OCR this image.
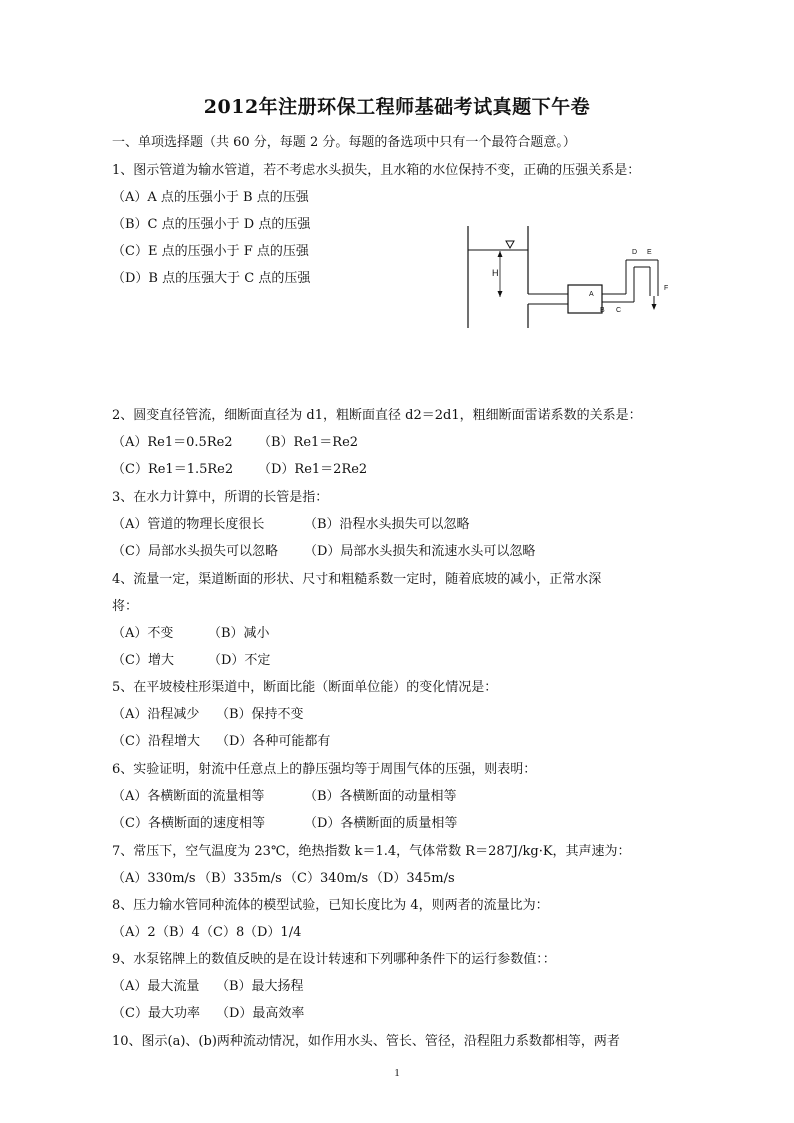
2012年注册环保工程师基础考试真题下午卷
一、单项选择题（共 60 分，每题 2 分。每题的备选项中只有一个最符合题意。）
1、图示管道为输水管道，若不考虑水头损失，且水箱的水位保持不变，正确的压强关系是：
（A）A 点的压强小于 B 点的压强
（B）C 点的压强小于 D 点的压强
（C）E 点的压强小于 F 点的压强
（D）B 点的压强大于 C 点的压强	H
A
B C
D E
F
2、圆变直径管流，细断面直径为 d1，粗断面直径 d2＝2d1，粗细断面雷诺系数的关系是：
（A）Re1＝0.5Re2 （B）Re1＝Re2
（C）Re1＝1.5Re2 （D）Re1＝2Re2
3、在水力计算中，所谓的长管是指：
（A）管道的物理长度很长	（B）沿程水头损失可以忽略
（C）局部水头损失可以忽略 （D）局部水头损失和流速水头可以忽略
4、流量一定，渠道断面的形状、尺寸和粗糙系数一定时，随着底坡的减小，正常水深
将：
（A）不变	（B）减小
（C）增大	（D）不定
5、在平坡棱柱形渠道中，断面比能（断面单位能）的变化情况是：
（A）沿程减少 （B）保持不变
（C）沿程增大 （D）各种可能都有
6、实验证明，射流中任意点上的静压强均等于周围气体的压强，则表明：
（A）各横断面的流量相等	（B）各横断面的动量相等
（C）各横断面的速度相等	（D）各横断面的质量相等
7、常压下，空气温度为 23℃，绝热指数 k＝1.4，气体常数 R＝287J/kg·K，其声速为：
（A）330m/s （B）335m/s （C）340m/s （D）345m/s
8、压力输水管同种流体的模型试验，已知长度比为 4，则两者的流量比为：
（A）2（B）4（C）8（D）1/4
9、水泵铭牌上的数值反映的是在设计转速和下列哪种条件下的运行参数值：：
（A）最大流量 （B）最大扬程
（C）最大功率 （D）最高效率
10、图示(a)、(b)两种流动情况，如作用水头、管长、管径，沿程阻力系数都相等，两者
1
